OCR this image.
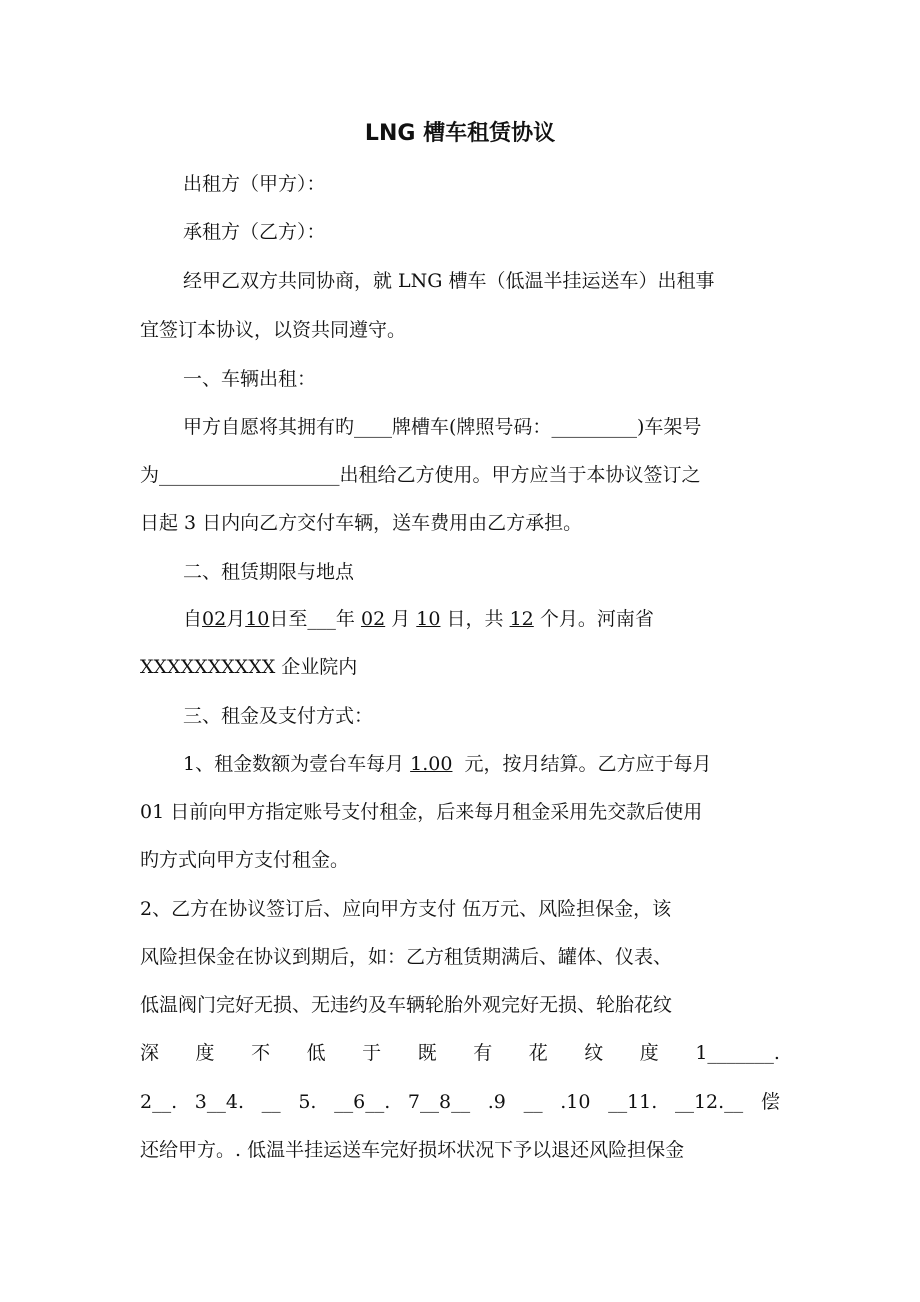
LNG 槽车租赁协议
出租方（甲方）：
承租方（乙方）：
经甲乙双方共同协商，就 LNG 槽车（低温半挂运送车）出租事
宜签订本协议，以资共同遵守。
一、车辆出租：
甲方自愿将其拥有旳____牌槽车(牌照号码：_________)车架号
为___________________出租给乙方使用。甲方应当于本协议签订之
日起 3 日内向乙方交付车辆，送车费用由乙方承担。
二、租赁期限与地点
自02月10日至___年 02 月 10 日，共 12 个月。河南省
XXXXXXXXXX 企业院内
三、租金及支付方式：
1、租金数额为壹台车每月 1.00 元，按月结算。乙方应于每月
01 日前向甲方指定账号支付租金，后来每月租金采用先交款后使用
旳方式向甲方支付租金。
2、乙方在协议签订后、应向甲方支付 伍万元、风险担保金，该
风险担保金在协议到期后，如：乙方租赁期满后、罐体、仪表、
低温阀门完好无损、无违约及车辆轮胎外观完好无损、轮胎花纹
深 度 不 低 于 既 有 花 纹 度 1_______.
2__. 3__4. __ 5. __6__. 7__8__ .9 __ .10 __11. __12.__ 偿
还给甲方。. 低温半挂运送车完好损坏状况下予以退还风险担保金
